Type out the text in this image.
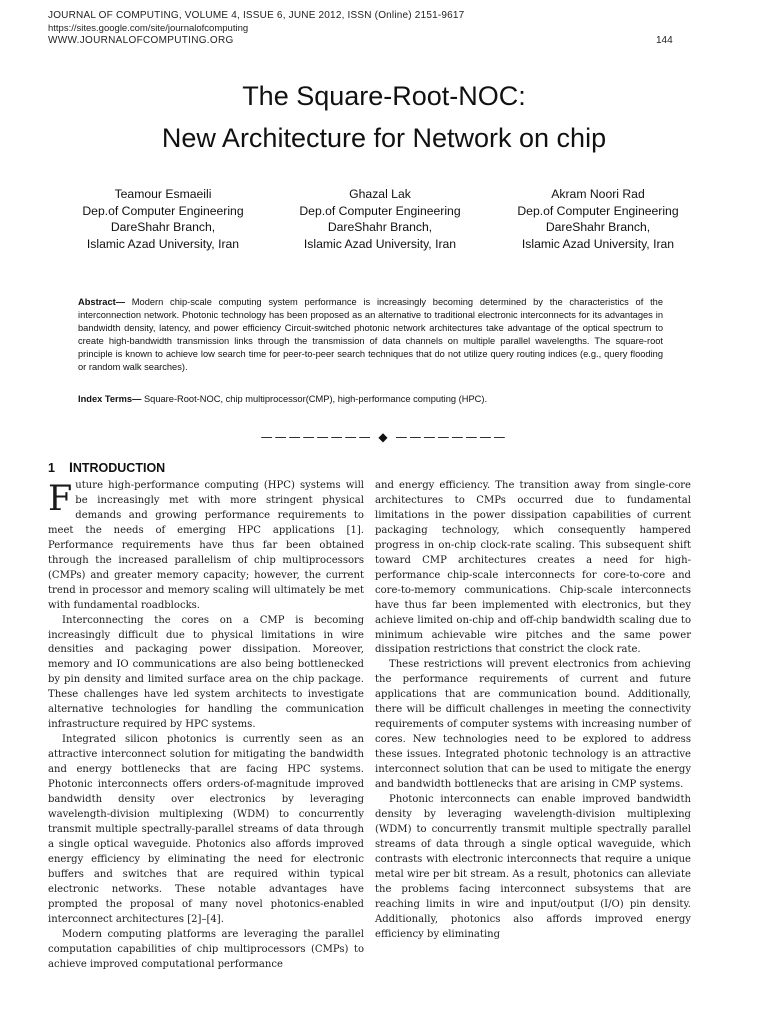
JOURNAL OF COMPUTING, VOLUME 4, ISSUE 6, JUNE 2012, ISSN (Online) 2151-9617
https://sites.google.com/site/journalofcomputing
WWW.JOURNALOFCOMPUTING.ORG	144
The Square-Root-NOC:
New Architecture for Network on chip
Teamour Esmaeili
Dep.of Computer Engineering
DareShahr Branch,
Islamic Azad University, Iran
Ghazal Lak
Dep.of Computer Engineering
DareShahr Branch,
Islamic Azad University, Iran
Akram Noori Rad
Dep.of Computer Engineering
DareShahr Branch,
Islamic Azad University, Iran
Abstract— Modern chip-scale computing system performance is increasingly becoming determined by the characteristics of the interconnection network. Photonic technology has been proposed as an alternative to traditional electronic interconnects for its advantages in bandwidth density, latency, and power efficiency Circuit-switched photonic network architectures take advantage of the optical spectrum to create high-bandwidth transmission links through the transmission of data channels on multiple parallel wavelengths. The square-root principle is known to achieve low search time for peer-to-peer search techniques that do not utilize query routing indices (e.g., query flooding or random walk searches).
Index Terms— Square-Root-NOC, chip multiprocessor(CMP), high-performance computing (HPC).
———————— ◆ ————————
1 INTRODUCTION

Future high-performance computing (HPC) systems will be increasingly met with more stringent physical demands and growing performance requirements to meet the needs of emerging HPC applications [1]. Performance requirements have thus far been obtained through the increased parallelism of chip multiprocessors (CMPs) and greater memory capacity; however, the current trend in processor and memory scaling will ultimately be met with fundamental roadblocks.

Interconnecting the cores on a CMP is becoming increasingly difficult due to physical limitations in wire densities and packaging power dissipation. Moreover, memory and IO communications are also being bottlenecked by pin density and limited surface area on the chip package. These challenges have led system architects to investigate alternative technologies for handling the communication infrastructure required by HPC systems.

Integrated silicon photonics is currently seen as an attractive interconnect solution for mitigating the bandwidth and energy bottlenecks that are facing HPC systems. Photonic interconnects offers orders-of-magnitude improved bandwidth density over electronics by leveraging wavelength-division multiplexing (WDM) to concurrently transmit multiple spectrally-parallel streams of data through a single optical waveguide. Photonics also affords improved energy efficiency by eliminating the need for electronic buffers and switches that are required within typical electronic networks. These notable advantages have prompted the proposal of many novel photonics-enabled interconnect architectures [2]–[4].

Modern computing platforms are leveraging the parallel computation capabilities of chip multiprocessors (CMPs) to achieve improved computational performance

and energy efficiency. The transition away from single-core architectures to CMPs occurred due to fundamental limitations in the power dissipation capabilities of current packaging technology, which consequently hampered progress in on-chip clock-rate scaling. This subsequent shift toward CMP architectures creates a need for high-performance chip-scale interconnects for core-to-core and core-to-memory communications. Chip-scale interconnects have thus far been implemented with electronics, but they achieve limited on-chip and off-chip bandwidth scaling due to minimum achievable wire pitches and the same power dissipation restrictions that constrict the clock rate.

These restrictions will prevent electronics from achieving the performance requirements of current and future applications that are communication bound. Additionally, there will be difficult challenges in meeting the connectivity requirements of computer systems with increasing number of cores. New technologies need to be explored to address these issues. Integrated photonic technology is an attractive interconnect solution that can be used to mitigate the energy and bandwidth bottlenecks that are arising in CMP systems.

Photonic interconnects can enable improved bandwidth density by leveraging wavelength-division multiplexing (WDM) to concurrently transmit multiple spectrally parallel streams of data through a single optical waveguide, which contrasts with electronic interconnects that require a unique metal wire per bit stream. As a result, photonics can alleviate the problems facing interconnect subsystems that are reaching limits in wire and input/output (I/O) pin density. Additionally, photonics also affords improved energy efficiency by eliminating
